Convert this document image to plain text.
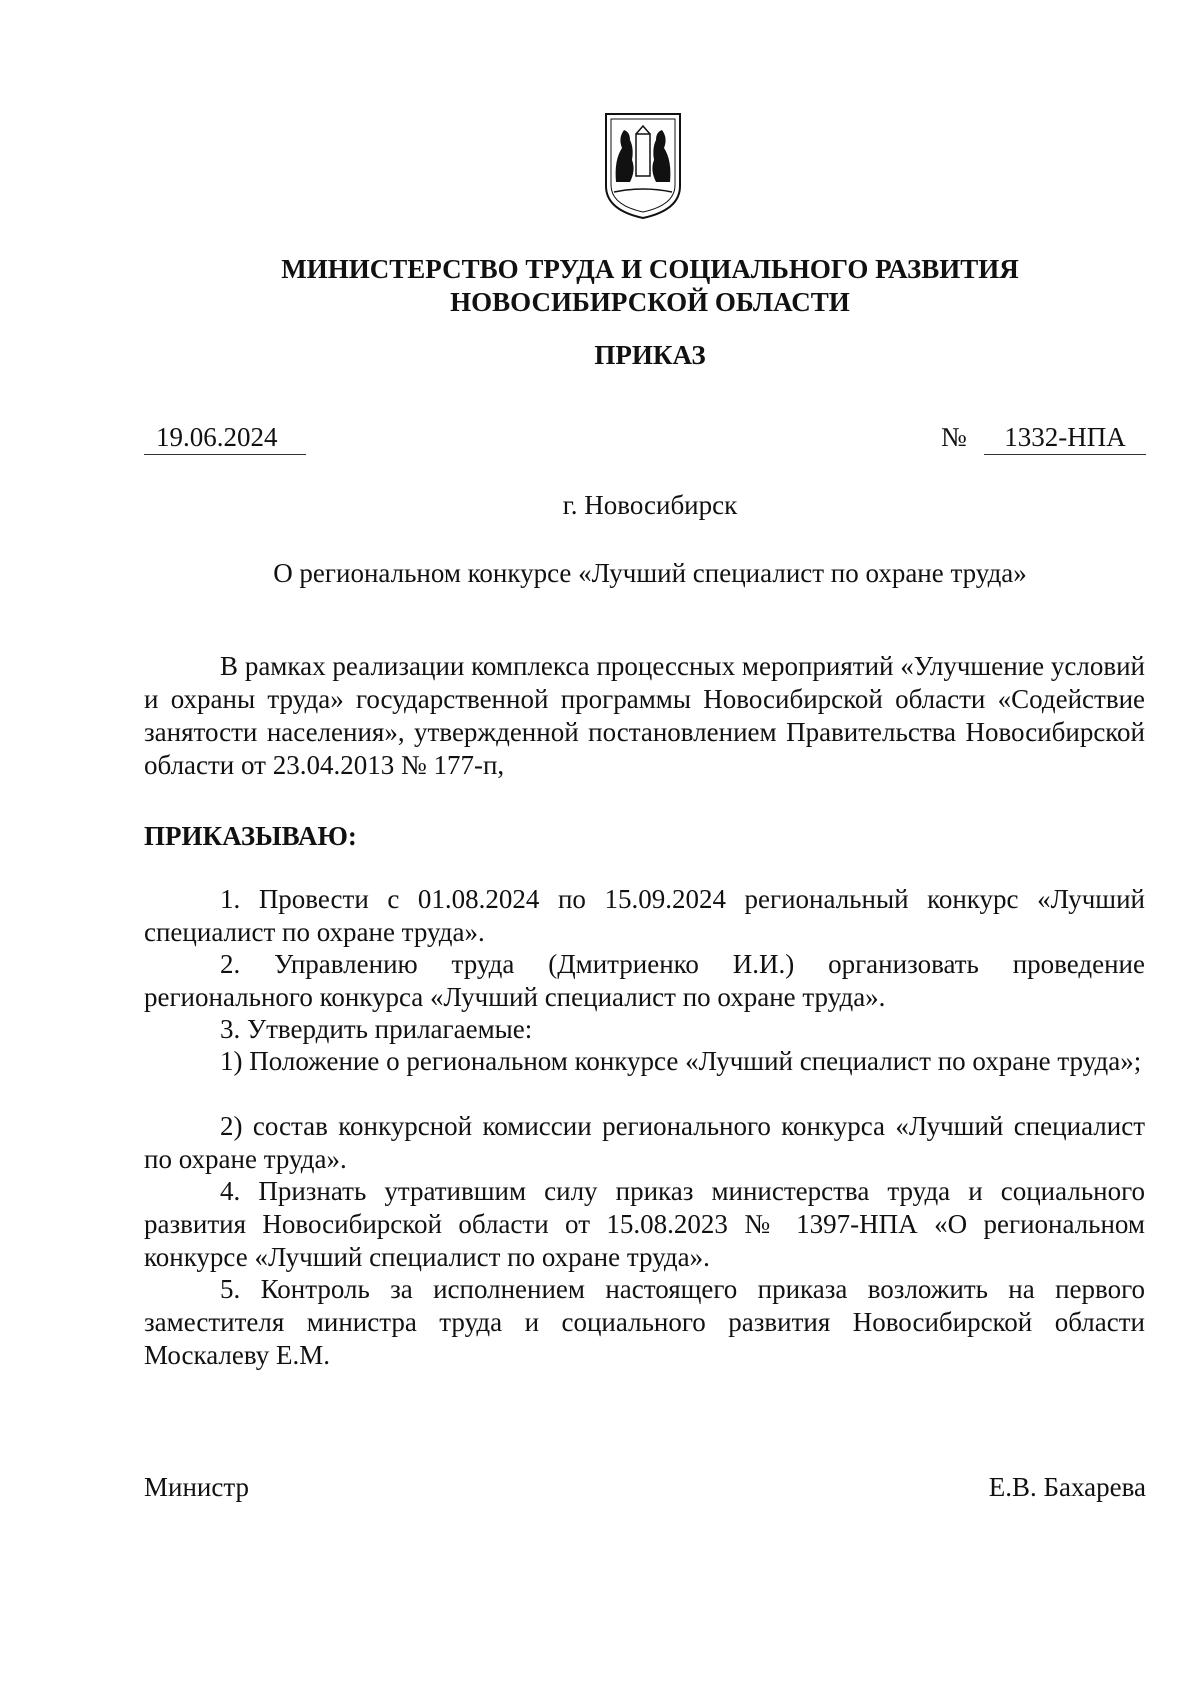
МИНИСТЕРСТВО ТРУДА И СОЦИАЛЬНОГО РАЗВИТИЯ
НОВОСИБИРСКОЙ ОБЛАСТИ
ПРИКАЗ
19.06.2024	№	1332-НПА
г. Новосибирск
О региональном конкурсе «Лучший специалист по охране труда»

В рамках реализации комплекса процессных мероприятий «Улучшение условий и охраны труда» государственной программы Новосибирской области «Содействие занятости населения», утвержденной постановлением Правительства Новосибирской области от 23.04.2013 № 177-п,

ПРИКАЗЫВАЮ:

1. Провести с 01.08.2024 по 15.09.2024 региональный конкурс «Лучший специалист по охране труда».

2. Управлению труда (Дмитриенко И.И.) организовать проведение регионального конкурса «Лучший специалист по охране труда».

3. Утвердить прилагаемые:

1) Положение о региональном конкурсе «Лучший специалист по охране труда»;

2) состав конкурсной комиссии регионального конкурса «Лучший специалист по охране труда».

4. Признать утратившим силу приказ министерства труда и социального развития Новосибирской области от 15.08.2023 № 1397-НПА «О региональном конкурсе «Лучший специалист по охране труда».

5. Контроль за исполнением настоящего приказа возложить на первого заместителя министра труда и социального развития Новосибирской области Москалеву Е.М.

Министр	Е.В. Бахарева
